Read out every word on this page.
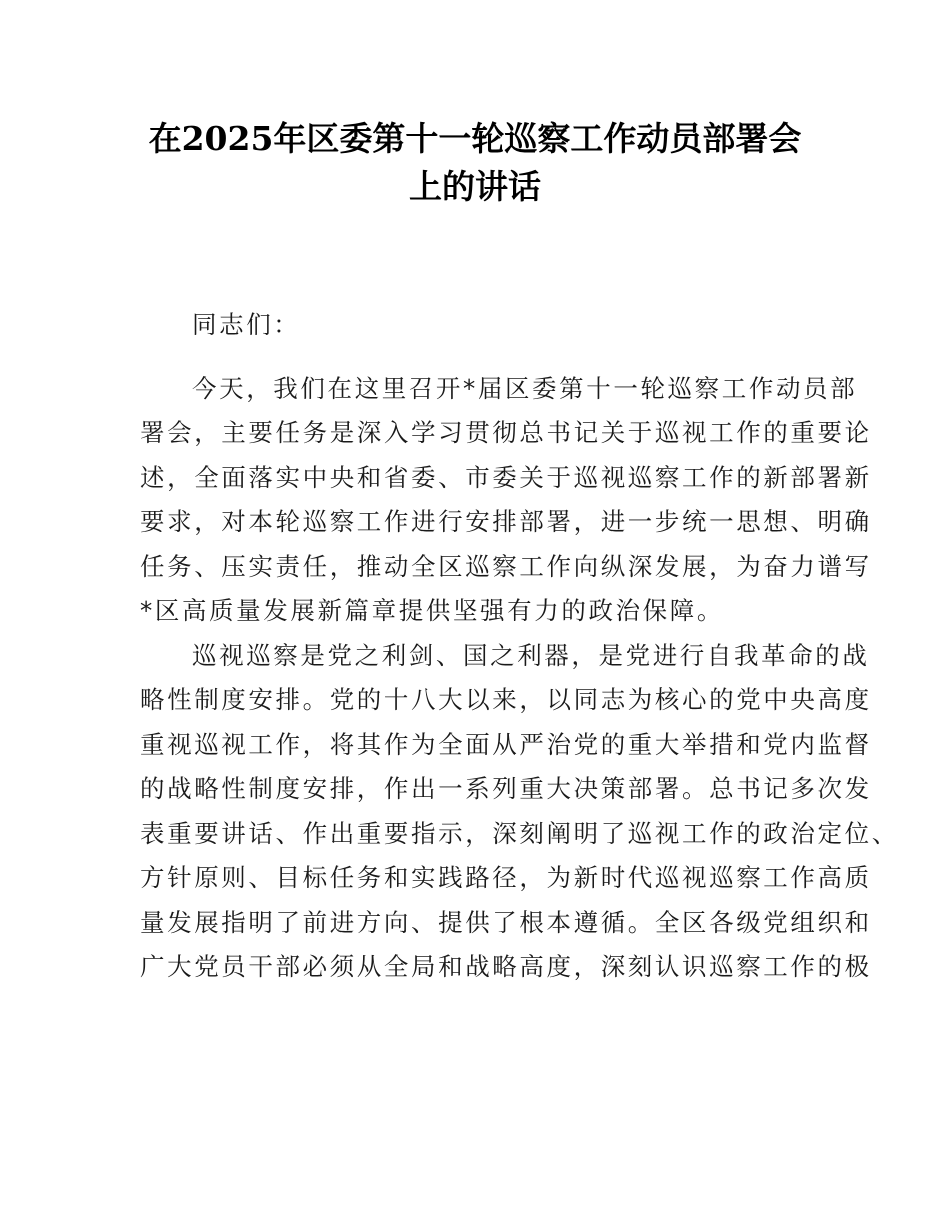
在2025年区委第十一轮巡察工作动员部署会
上的讲话
同志们：
今天，我们在这里召开*届区委第十一轮巡察工作动员部
署会，主要任务是深入学习贯彻总书记关于巡视工作的重要论
述，全面落实中央和省委、市委关于巡视巡察工作的新部署新
要求，对本轮巡察工作进行安排部署，进一步统一思想、明确
任务、压实责任，推动全区巡察工作向纵深发展，为奋力谱写
*区高质量发展新篇章提供坚强有力的政治保障。
巡视巡察是党之利剑、国之利器，是党进行自我革命的战
略性制度安排。党的十八大以来，以同志为核心的党中央高度
重视巡视工作，将其作为全面从严治党的重大举措和党内监督
的战略性制度安排，作出一系列重大决策部署。总书记多次发
表重要讲话、作出重要指示，深刻阐明了巡视工作的政治定位、
方针原则、目标任务和实践路径，为新时代巡视巡察工作高质
量发展指明了前进方向、提供了根本遵循。全区各级党组织和
广大党员干部必须从全局和战略高度，深刻认识巡察工作的极
